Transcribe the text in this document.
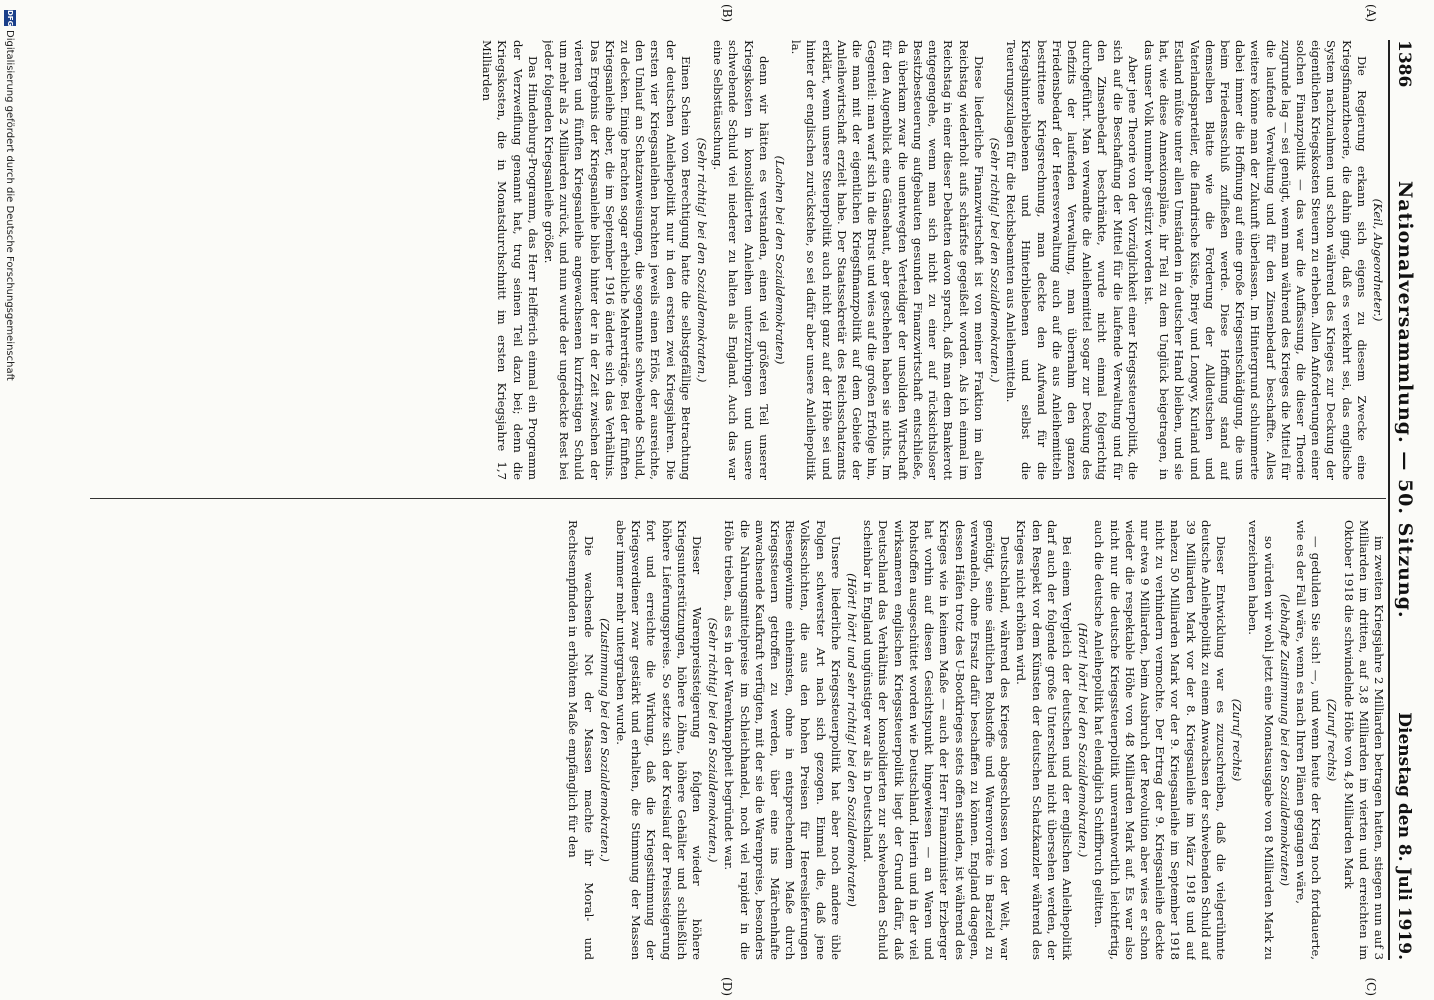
1386
Nationalversammlung. — 50. Sitzung.
Dienstag den 8. Juli 1919.
(A)
(B)
(C)
(D)

(Keil, Abgeordneter.)

Die Regierung erkann sich eigens zu diesem Zwecke eine Kriegsfinanztheorie, die dahin ging, daß es verkehrt sei, das englische System nachzuahmen und schon während des Krieges zur Deckung der eigentlichen Kriegskosten Steuern zu erheben. Allen Anforderungen einer solchen Finanzpolitik — das war die Auffassung, die dieser Theorie zugrunde lag — sei genügt, wenn man während des Krieges die Mittel für die laufende Verwaltung und für den Zinsenbedarf beschaffte. Alles weitere könne man der Zukunft überlassen. Im Hintergrund schlummerte dabei immer die Hoffnung auf eine große Kriegsentschädigung, die uns beim Friedensschluß zufließen werde. Diese Hoffnung stand auf demselben Blatte wie die Forderung der Alldeutschen und Vaterlandsparteiler, die flandrische Küste, Briey und Longwy, Kurland und Estland müßte unter allen Umständen in deutscher Hand bleiben, und sie hat, wie diese Annexionspläne, ihr Teil zu dem Unglück beigetragen, in das unser Volk nunmehr gestürzt worden ist.

Aber jene Theorie von der Vorzüglichkeit einer Kriegssteuerpolitik, die sich auf die Beschaffung der Mittel für die laufende Verwaltung und für den Zinsenbedarf beschränkte, wurde nicht einmal folgerichtig durchgeführt. Man verwandte die Anleihemittel sogar zur Deckung des Defizits der laufenden Verwaltung, man übernahm den ganzen Friedensbedarf der Heeresverwaltung auch auf die aus Anleihemitteln bestrittene Kriegsrechnung, man deckte den Aufwand für die Kriegshinterbliebenen und Hinterbliebenen und selbst die Teuerungszulagen für die Reichsbeamten aus Anleihemitteln.

(Sehr richtig! bei den Sozialdemokraten.)

Diese liederliche Finanzwirtschaft ist von meiner Fraktion im alten Reichstag wiederholt aufs schärfste gegeißelt worden. Als ich einmal im Reichstag in einer dieser Debatten davon sprach, daß man dem Bankerott entgegengehe, wenn man sich nicht zu einer auf rücksichtsloser Besitzbesteuerung aufgebauten gesunden Finanzwirtschaft entschließe, da überkam zwar die unentwegten Verteidiger der unsoliden Wirtschaft für den Augenblick eine Gänsehaut, aber geschehen haben sie nichts. Im Gegenteil: man warf sich in die Brust und wies auf die großen Erfolge hin, die man mit der eigentlichen Kriegsfinanzpolitik auf dem Gebiete der Anleihewirtschaft erzielt habe. Der Staatssekretär des Reichsschatzamts erklärt, wenn unsere Steuerpolitik auch nicht ganz auf der Höhe sei und hinter der englischen zurückstehe, so sei dafür aber unsere Anleihepolitik la.

(Lachen bei den Sozialdemokraten)

denn wir hätten es verstanden, einen viel größeren Teil unserer Kriegskosten in konsolidierten Anleihen unterzubringen und unsere schwebende Schuld viel niederer zu halten als England. Auch das war eine Selbsttäuschung.

(Sehr richtig! bei den Sozialdemokraten.)

Einen Schein von Berechtigung hatte die selbstgefällige Betrachtung der deutschen Anleihepolitik nur in den ersten zwei Kriegsjahren. Die ersten vier Kriegsanleihen brachten jeweils einen Erlös, der ausreichte, den Umlauf an Schatzanweisungen, die sogenannte schwebende Schuld, zu decken. Einige brachten sogar erhebliche Mehrerträge. Bei der fünften Kriegsanleihe aber, die im September 1916 änderte sich das Verhältnis. Das Ergebnis der Kriegsanleihe blieb hinter der in der Zeit zwischen der vierten und fünften Kriegsanleihe angewachsenen kurzfristigen Schuld um mehr als 2 Milliarden zurück, und nun wurde der ungedeckte Rest bei jeder folgenden Kriegsanleihe größer.

Das Hindenburg-Programm, das Herr Helfferich einmal ein Programm der Verzweiflung genannt hat, trug seinen Teil dazu bei; denn die Kriegskosten, die in Monatsdurchschnitt im ersten Kriegsjahre 1,7 Milliarden

im zweiten Kriegsjahre 2 Milliarden betragen hatten, stiegen nun auf 3 Milliarden im dritten, auf 3,8 Milliarden im vierten und erreichten im Oktober 1918 die schwindelnde Höhe von 4,8 Milliarden Mark

(Zuruf rechts)

— gedulden Sie sich! —, und wenn heute der Krieg noch fortdauerte, wie es der Fall wäre, wenn es nach Ihren Plänen gegangen wäre,

(lebhafte Zustimmung bei den Sozialdemokraten)

so würden wir wohl jetzt eine Monatsausgabe von 8 Milliarden Mark zu verzeichnen haben.

(Zuruf rechts)

Dieser Entwicklung war es zuzuschreiben, daß die vielgerühmte deutsche Anleihepolitik zu einem Anwachsen der schwebenden Schuld auf 39 Milliarden Mark vor der 8. Kriegsanleihe im März 1918 und auf nahezu 50 Milliarden Mark vor der 9. Kriegsanleihe im September 1918 nicht zu verhindern vermochte. Der Ertrag der 9. Kriegsanleihe deckte nur etwa 9 Milliarden, beim Ausbruch der Revolution aber wies er schon wieder die respektable Höhe von 48 Milliarden Mark auf. Es war also nicht nur die deutsche Kriegssteuerpolitik unverantwortlich leichtfertig, auch die deutsche Anleihepolitik hat elendiglich Schiffbruch gelitten.

(Hört! hört! bei den Sozialdemokraten.)

Bei einem Vergleich der deutschen und der englischen Anleihepolitik darf auch der folgende große Unterschied nicht übersehen werden, der den Respekt vor dem Künsten der deutschen Schatzkanzler während des Krieges nicht erhöhen wird.

Deutschland, während des Krieges abgeschlossen von der Welt, war genötigt, seine sämtlichen Rohstoffe und Warenvorräte in Barzeld zu verwandeln, ohne Ersatz dafür beschaffen zu können. England dagegen, dessen Häfen trotz des U-Bootkrieges stets offen standen, ist während des Krieges wie in keinem Maße — auch der Herr Finanzminister Erzberger hat vorhin auf diesen Gesichtspunkt hingewiesen — an Waren und Rohstoffen ausgeschüttet worden wie Deutschland. Hierin und in der viel wirksameren englischen Kriegssteuerpolitik liegt der Grund dafür, daß Deutschland das Verhältnis der konsolidierten zur schwebenden Schuld scheinbar in England ungünstiger war als in Deutschland.

(Hört! hört! und sehr richtig! bei den Sozialdemokraten)

Unsere liederliche Kriegssteuerpolitik hat aber noch andere üble Folgen schwerster Art nach sich gezogen. Einmal die, daß jene Volksschichten, die aus den hohen Preisen für Heereslieferungen Riesengewinne einheimsten, ohne in entsprechendem Maße durch Kriegssteuern getroffen zu werden, über eine ins Märchenhafte anwachsende Kaufkraft verfügten, mit der sie die Warenpreise, besonders die Nahrungsmittelpreise im Schleichhandel, noch viel rapider in die Höhe trieben, als es in der Warenknappheit begründet war.

(Sehr richtig! bei den Sozialdemokraten.)

Dieser Warenpreissteigerung folgten wieder höhere Kriegsunterstützungen, höhere Löhne, höhere Gehälter und schließlich höhere Lieferungspreise. So setzte sich der Kreislauf der Preissteigerung fort und erreichte die Wirkung, daß die Kriegsstimmung der Kriegsverdiener zwar gestärkt und erhalten, die Stimmung der Massen aber immer mehr untergraben wurde.

(Zustimmung bei den Sozialdemokraten.)

Die wachsende Not der Massen machte ihr Moral- und Rechtsempfinden in erhöhtem Maße empfänglich für den

DFG
Digitalisierung gefördert durch die Deutsche Forschungsgemeinschaft
